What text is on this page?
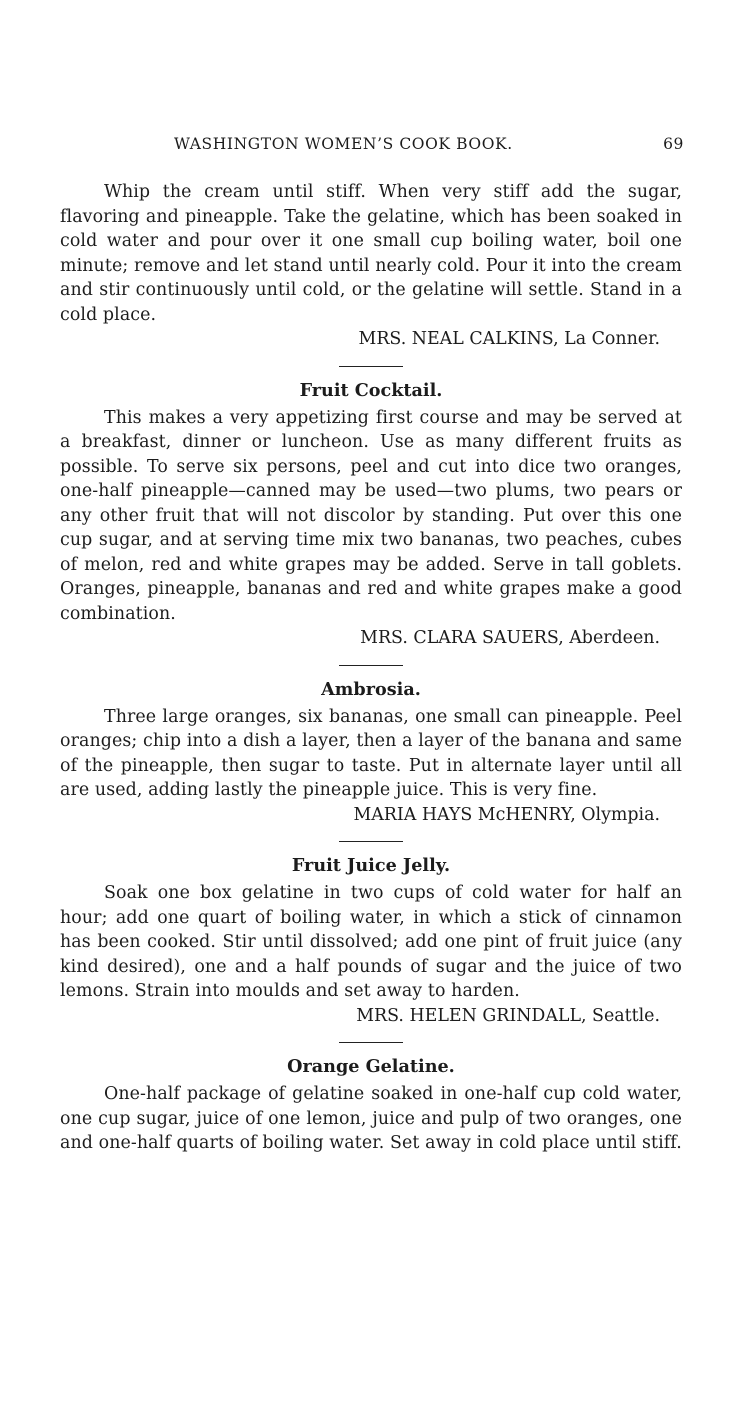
WASHINGTON WOMEN’S COOK BOOK.	69

Whip the cream until stiff. When very stiff add the sugar, flavoring and pineapple. Take the gelatine, which has been soaked in cold water and pour over it one small cup boiling water, boil one minute; remove and let stand until nearly cold. Pour it into the cream and stir continuously until cold, or the gelatine will settle. Stand in a cold place.

MRS. NEAL CALKINS, La Conner.

Fruit Cocktail.

This makes a very appetizing first course and may be served at a breakfast, dinner or luncheon. Use as many different fruits as possible. To serve six persons, peel and cut into dice two oranges, one-half pineapple—canned may be used—two plums, two pears or any other fruit that will not discolor by standing. Put over this one cup sugar, and at serving time mix two bananas, two peaches, cubes of melon, red and white grapes may be added. Serve in tall goblets. Oranges, pineapple, bananas and red and white grapes make a good combination.

MRS. CLARA SAUERS, Aberdeen.

Ambrosia.

Three large oranges, six bananas, one small can pineapple. Peel oranges; chip into a dish a layer, then a layer of the banana and same of the pineapple, then sugar to taste. Put in alternate layer until all are used, adding lastly the pineapple juice. This is very fine.

MARIA HAYS McHENRY, Olympia.

Fruit Juice Jelly.

Soak one box gelatine in two cups of cold water for half an hour; add one quart of boiling water, in which a stick of cinnamon has been cooked. Stir until dissolved; add one pint of fruit juice (any kind desired), one and a half pounds of sugar and the juice of two lemons. Strain into moulds and set away to harden.

MRS. HELEN GRINDALL, Seattle.

Orange Gelatine.

One-half package of gelatine soaked in one-half cup cold water, one cup sugar, juice of one lemon, juice and pulp of two oranges, one and one-half quarts of boiling water. Set away in cold place until stiff.
